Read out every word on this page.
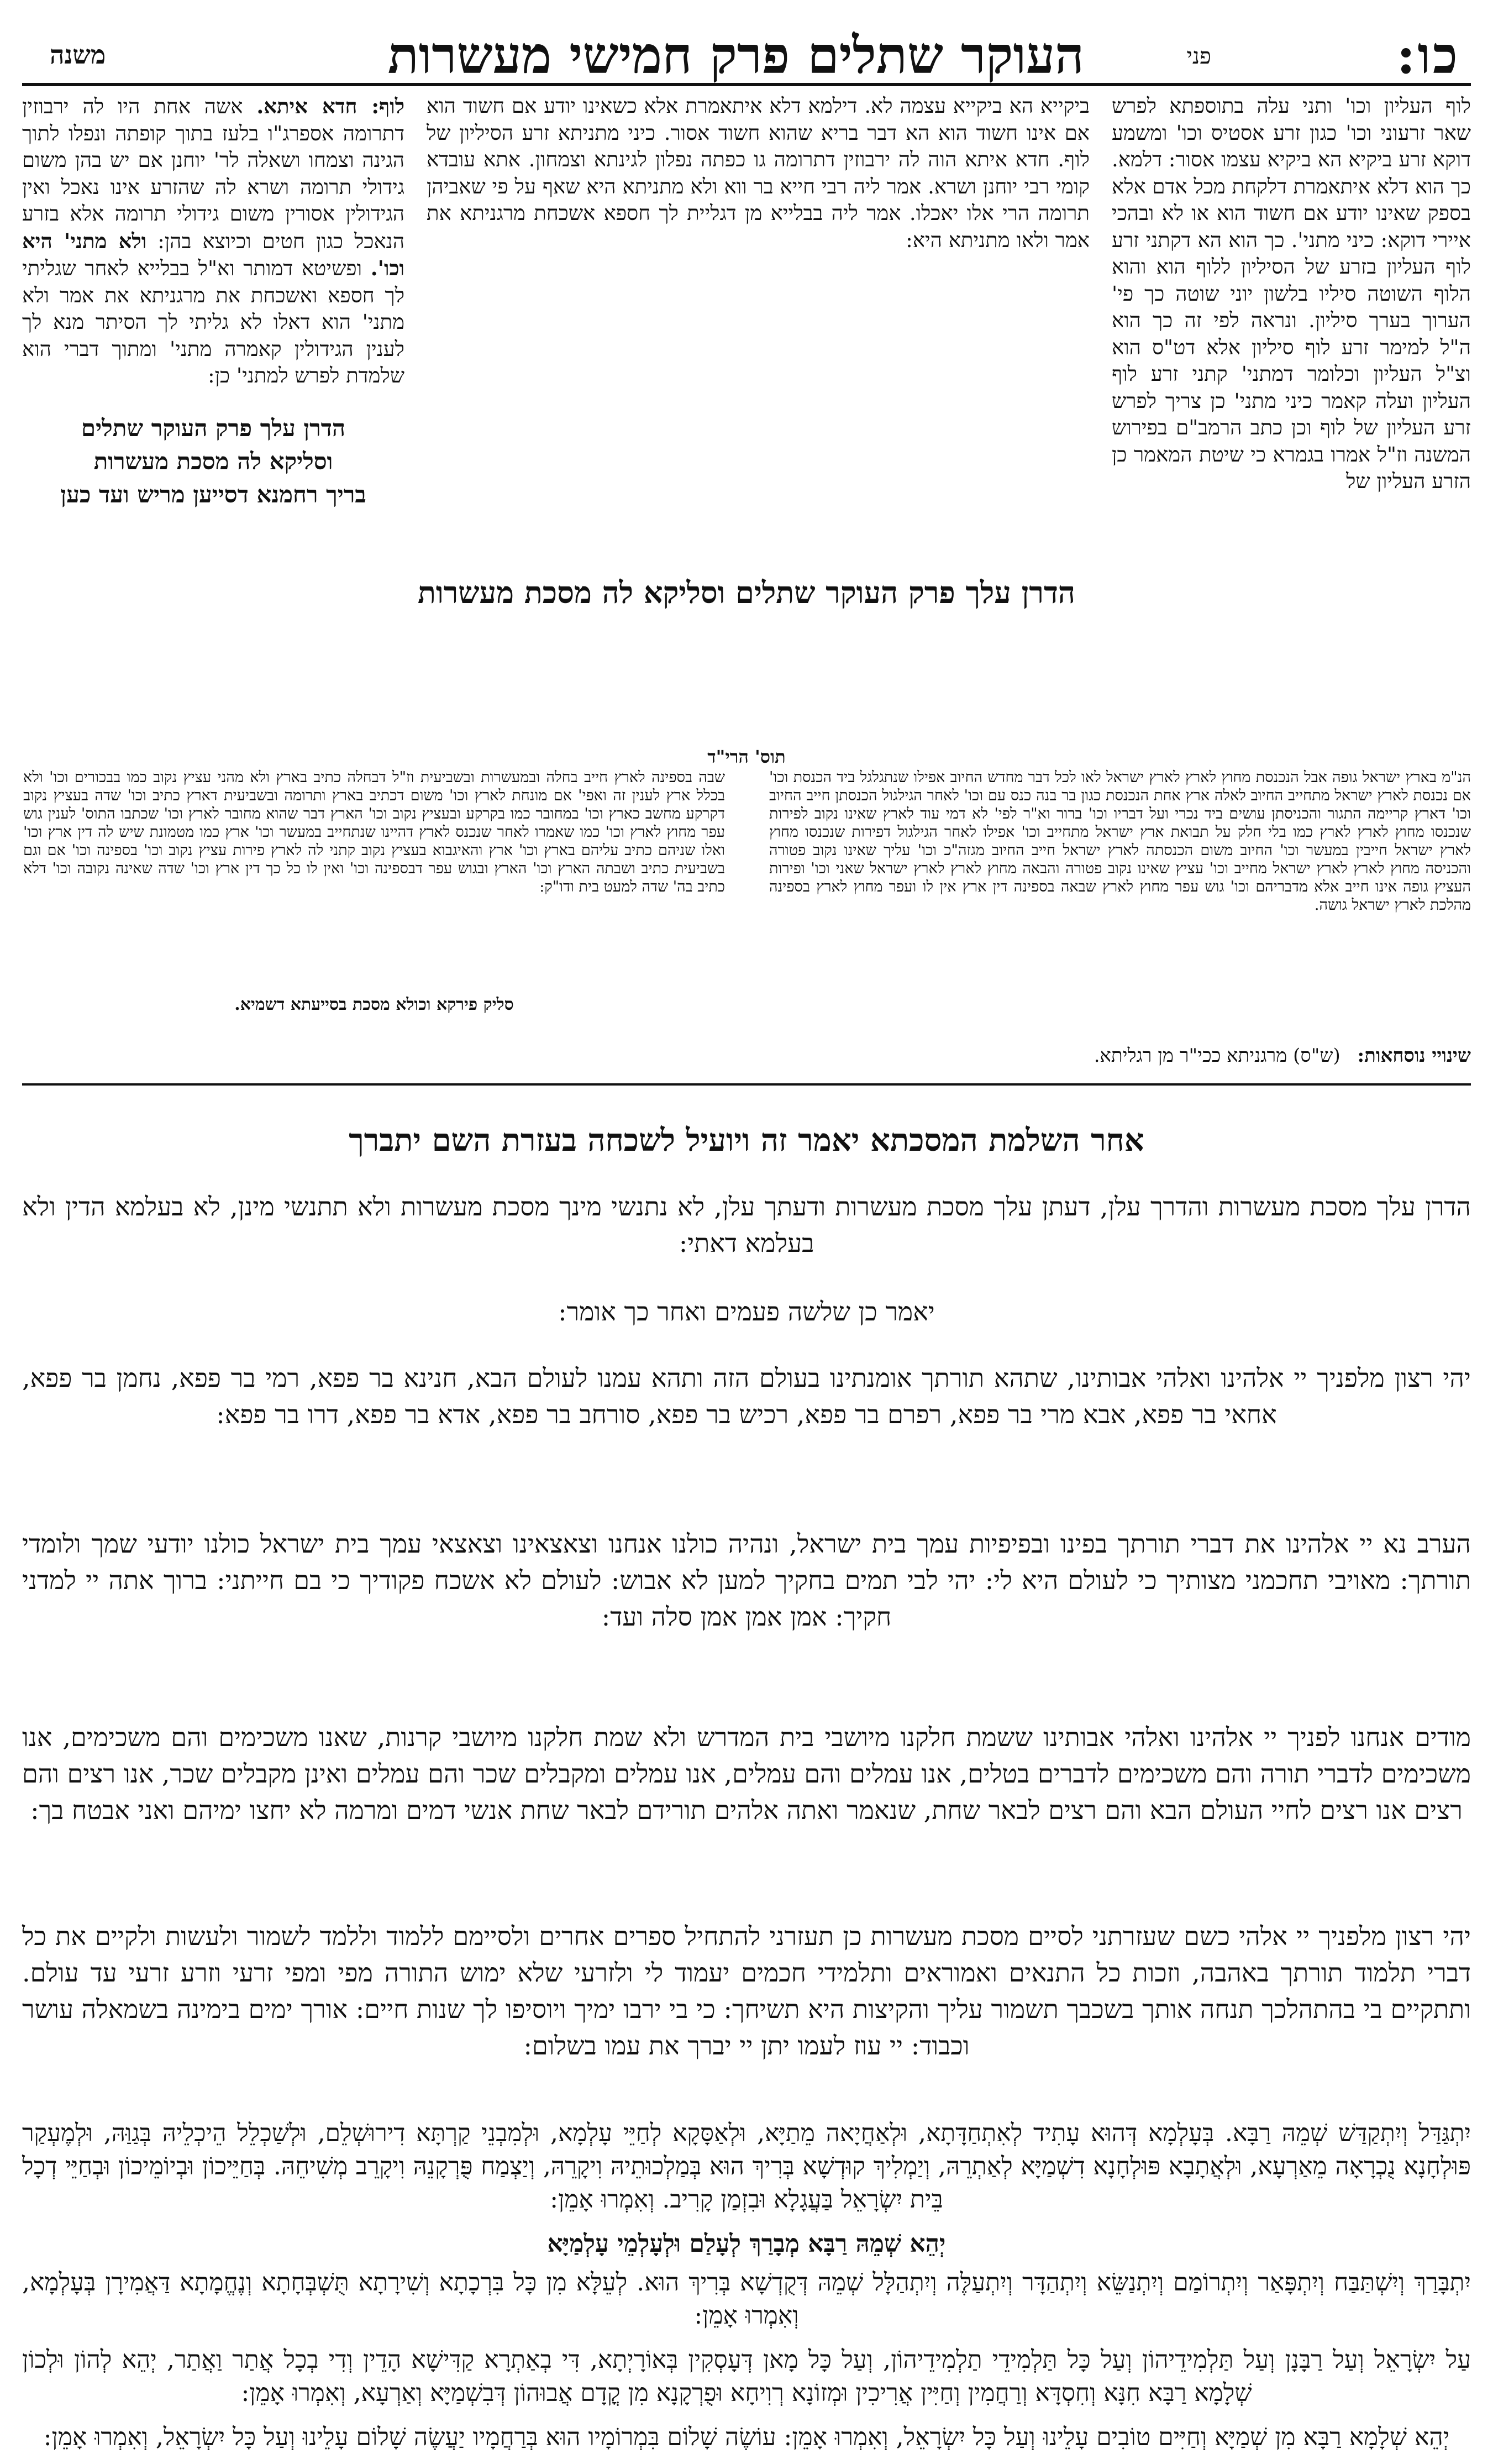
כו:
פני
העוקר שתלים פרק חמישי מעשרות
משנה
לוף העליון וכו' ותני עלה בתוספתא לפרש שאר זרעוני וכו' כגון זרע אסטיס וכו' ומשמע דוקא זרע ביקיא הא ביקיא עצמו אסור: דלמא. כך הוא דלא איתאמרת דלקחת מכל אדם אלא בספק שאינו יודע אם חשוד הוא או לא ובהכי איירי דוקא: כיני מתני'. כך הוא הא דקתני זרע לוף העליון בזרע של הסיליון ללוף הוא והוא הלוף השוטה סיליו בלשון יוני שוטה כך פי' הערוך בערך סיליון. ונראה לפי זה כך הוא ה"ל למימר זרע לוף סיליון אלא דט"ס הוא וצ"ל העליון וכלומר דמתני' קתני זרע לוף העליון ועלה קאמר כיני מתני' כן צריך לפרש זרע העליון של לוף וכן כתב הרמב"ם בפירוש המשנה וז"ל אמרו בגמרא כי שיטת המאמר כן הזרע העליון של
ביקייא הא ביקייא עצמה לא. דילמא דלא איתאמרת אלא כשאינו יודע אם חשוד הוא אם אינו חשוד הוא הא דבר בריא שהוא חשוד אסור. כיני מתניתא זרע הסיליון של לוף. חדא איתא הוה לה ירבוזין דתרומה גו כפתה נפלון לגינתא וצמחון. אתא עובדא קומי רבי יוחנן ושרא. אמר ליה רבי חייא בר ווא ולא מתניתא היא שאף על פי שאביהן תרומה הרי אלו יאכלו. אמר ליה בבלייא מן דגליית לך חספא אשכחת מרגניתא את אמר ולאו מתניתא היא:
לוף: חדא איתא. אשה אחת היו לה ירבוזין דתרומה אספרג"ו בלעז בתוך קופתה ונפלו לתוך הגינה וצמחו ושאלה לר' יוחנן אם יש בהן משום גידולי תרומה ושרא לה שהזרע אינו נאכל ואין הגידולין אסורין משום גידולי תרומה אלא בזרע הנאכל כגון חטים וכיוצא בהן: ולא מתני' היא וכו'. ופשיטא דמותר וא"ל בבלייא לאחר שגליתי לך חספא ואשכחת את מרגניתא את אמר ולא מתני' הוא דאלו לא גליתי לך הסיתר מנא לך לענין הגידולין קאמרה מתני' ומתוך דברי הוא שלמדת לפרש למתני' כן:
הדרן עלך פרק העוקר שתלים
וסליקא לה מסכת מעשרות
בריך רחמנא דסייען מריש ועד כען
הדרן עלך פרק העוקר שתלים וסליקא לה מסכת מעשרות
תוס' הרי"ד
הנ"מ בארץ ישראל גופה אבל הנכנסת מחוץ לארץ לארץ ישראל לאו לכל דבר מחדש החיוב אפילו שנתגלגל ביד הכנסת וכו' אם נכנסת לארץ ישראל מתחייב החיוב לאלה ארץ אחת הנכנסת כגון בר בנה כנס עם וכו' לאחר הגילגול הכנסתן חייב החיוב וכו' דארץ קריימה התגור והכניסתן עושים ביד נכרי ועל דבריו וכו' ברור וא"ר לפי' לא דמי עוד לארץ שאינו נקוב לפירות שנכנסו מחוץ לארץ לארץ כמו בלי חלק על תבואת ארץ ישראל מתחייב וכו' אפילו לאחר הגילגול דפירות שנכנסו מחוץ לארץ ישראל חייבין במעשר וכו' החיוב משום הכנסתה לארץ ישראל חייב החיוב מגזה"כ וכו' עליך שאינו נקוב פטורה והכניסה מחוץ לארץ לארץ ישראל מחייב וכו' עציץ שאינו נקוב פטורה והבאה מחוץ לארץ לארץ ישראל שאני וכו' ופירות העציץ גופה אינו חייב אלא מדבריהם וכו' גוש עפר מחוץ לארץ שבאה בספינה דין ארץ אין לו ועפר מחוץ לארץ בספינה מהלכת לארץ ישראל גושה.
שבה בספינה לארץ חייב בחלה ובמעשרות ובשביעית וז"ל דבחלה כתיב בארץ ולא מהני עציץ נקוב כמו בבכורים וכו' ולא בכלל ארץ לענין זה ואפי' אם מונחת לארץ וכו' משום דכתיב בארץ ותרומה ובשביעית דארץ כתיב וכו' שדה בעציץ נקוב דקרקע מחשב כארץ וכו' במחובר כמו בקרקע ובעציץ נקוב וכו' הארץ דבר שהוא מחובר לארץ וכו' שכתבו התוס' לענין גוש עפר מחוץ לארץ וכו' כמו שאמרו לאחר שנכנס לארץ דהיינו שנתחייב במעשר וכו' ארץ כמו מטמונת שיש לה דין ארץ וכו' ואלו שניהם כתיב עליהם בארץ וכו' ארץ והאיגבוא בעציץ נקוב קתני לה לארץ פירות עציץ נקוב וכו' בספינה וכו' אם וגם בשביעית כתיב ושבתה הארץ וכו' הארץ ובגוש עפר דבספינה וכו' ואין לו כל כך דין ארץ וכו' שדה שאינה נקובה וכו' דלא כתיב בה' שדה למעט בית ודו"ק:
סליק פירקא וכולא מסכת בסייעתא דשמיא.
שינויי נוסחאות: (ש"ס) מרגניתא ככי"ר מן רגליתא.
אחר השלמת המסכתא יאמר זה ויועיל לשכחה בעזרת השם יתברך
הדרן עלך מסכת מעשרות והדרך עלן, דעתן עלך מסכת מעשרות ודעתך עלן, לא נתנשי מינך מסכת מעשרות ולא תתנשי מינן, לא בעלמא הדין ולא בעלמא דאתי:
יאמר כן שלשה פעמים ואחר כך אומר:
יהי רצון מלפניך יי אלהינו ואלהי אבותינו, שתהא תורתך אומנתינו בעולם הזה ותהא עמנו לעולם הבא, חנינא בר פפא, רמי בר פפא, נחמן בר פפא, אחאי בר פפא, אבא מרי בר פפא, רפרם בר פפא, רכיש בר פפא, סורחב בר פפא, אדא בר פפא, דרו בר פפא:
הערב נא יי אלהינו את דברי תורתך בפינו ובפיפיות עמך בית ישראל, ונהיה כולנו אנחנו וצאצאינו וצאצאי עמך בית ישראל כולנו יודעי שמך ולומדי תורתך: מאויבי תחכמני מצותיך כי לעולם היא לי: יהי לבי תמים בחקיך למען לא אבוש: לעולם לא אשכח פקודיך כי בם חייתני: ברוך אתה יי למדני חקיך: אמן אמן אמן סלה ועד:
מודים אנחנו לפניך יי אלהינו ואלהי אבותינו ששמת חלקנו מיושבי בית המדרש ולא שמת חלקנו מיושבי קרנות, שאנו משכימים והם משכימים, אנו משכימים לדברי תורה והם משכימים לדברים בטלים, אנו עמלים והם עמלים, אנו עמלים ומקבלים שכר והם עמלים ואינן מקבלים שכר, אנו רצים והם רצים אנו רצים לחיי העולם הבא והם רצים לבאר שחת, שנאמר ואתה אלהים תורידם לבאר שחת אנשי דמים ומרמה לא יחצו ימיהם ואני אבטח בך:
יהי רצון מלפניך יי אלהי כשם שעזרתני לסיים מסכת מעשרות כן תעזרני להתחיל ספרים אחרים ולסיימם ללמוד וללמד לשמור ולעשות ולקיים את כל דברי תלמוד תורתך באהבה, וזכות כל התנאים ואמוראים ותלמידי חכמים יעמוד לי ולזרעי שלא ימוש התורה מפי ומפי זרעי וזרע זרעי עד עולם. ותתקיים בי בהתהלכך תנחה אותך בשכבך תשמור עליך והקיצות היא תשיחך: כי בי ירבו ימיך ויוסיפו לך שנות חיים: אורך ימים בימינה בשמאלה עושר וכבוד: יי עוז לעמו יתן יי יברך את עמו בשלום:
יִתְגַּדַּל וְיִתְקַדַּשׁ שְׁמֵהּ רַבָּא. בְּעָלְמָא דְּהוּא עָתִיד לְאִתְחַדָּתָא, וּלְאַחֲיָאה מֵתַיָּא, וּלְאַסָּקָא לְחַיֵּי עָלְמָא, וּלְמִבְנֵי קַרְתָּא דִירוּשְׁלֵם, וּלְשַׁכְלֵל הֵיכְלֵיהּ בְּגַוַּהּ, וּלְמֶעְקַר פּוּלְחָנָא נֻכְרָאָה מֵאַרְעָא, וּלְאֲתָבָא פּוּלְחָנָא דִשְׁמַיָּא לְאַתְרֵהּ, וְיַמְלִיךְ קוּדְשָׁא בְּרִיךְ הוּא בְּמַלְכוּתֵיהּ וִיקָרֵהּ, וְיַצְמַח פֻּרְקָנֵהּ וִיקָרֵב מְשִׁיחֵהּ. בְּחַיֵּיכוֹן וּבְיוֹמֵיכוֹן וּבְחַיֵּי דְכָל בֵּית יִשְׂרָאֵל בַּעֲגָלָא וּבִזְמַן קָרִיב. וְאִמְרוּ אָמֵן:
יְהֵא שְׁמֵהּ רַבָּא מְבָרַךְ לְעָלַם וּלְעָלְמֵי עָלְמַיָּא
יִתְבָּרַךְ וְיִשְׁתַּבַּח וְיִתְפָּאַר וְיִתְרוֹמַם וְיִתְנַשֵּׂא וְיִתְהַדָּר וְיִתְעַלֶּה וְיִתְהַלָּל שְׁמֵהּ דְּקֻדְשָׁא בְּרִיךְ הוּא. לְעֵלָּא מִן כָּל בִּרְכָתָא וְשִׁירָתָא תֻּשְׁבְּחָתָא וְנֶחֱמָתָא דַּאֲמִירָן בְּעָלְמָא, וְאִמְרוּ אָמֵן:
עַל יִשְׂרָאֵל וְעַל רַבָּנָן וְעַל תַּלְמִידֵיהוֹן וְעַל כָּל תַּלְמִידֵי תַלְמִידֵיהוֹן, וְעַל כָּל מָאן דְּעָסְקִין בְּאוֹרָיְתָא, דִּי בְאַתְרָא קַדִּישָׁא הָדֵין וְדִי בְכָל אֲתַר וַאֲתַר, יְהֵא לְהוֹן וּלְכוֹן שְׁלָמָא רַבָּא חִנָּא וְחִסְדָּא וְרַחֲמִין וְחַיִּין אֲרִיכִין וּמְזוֹנָא רְוִיחָא וּפֻרְקָנָא מִן קֳדָם אֲבוּהוֹן דְּבִשְׁמַיָּא וְאַרְעָא, וְאִמְרוּ אָמֵן:
יְהֵא שְׁלָמָא רַבָּא מִן שְׁמַיָּא וְחַיִּים טוֹבִים עָלֵינוּ וְעַל כָּל יִשְׂרָאֵל, וְאִמְרוּ אָמֵן: עוֹשֶׂה שָׁלוֹם בִּמְרוֹמָיו הוּא בְּרַחֲמָיו יַעֲשֶׂה שָׁלוֹם עָלֵינוּ וְעַל כָּל יִשְׂרָאֵל, וְאִמְרוּ אָמֵן:
